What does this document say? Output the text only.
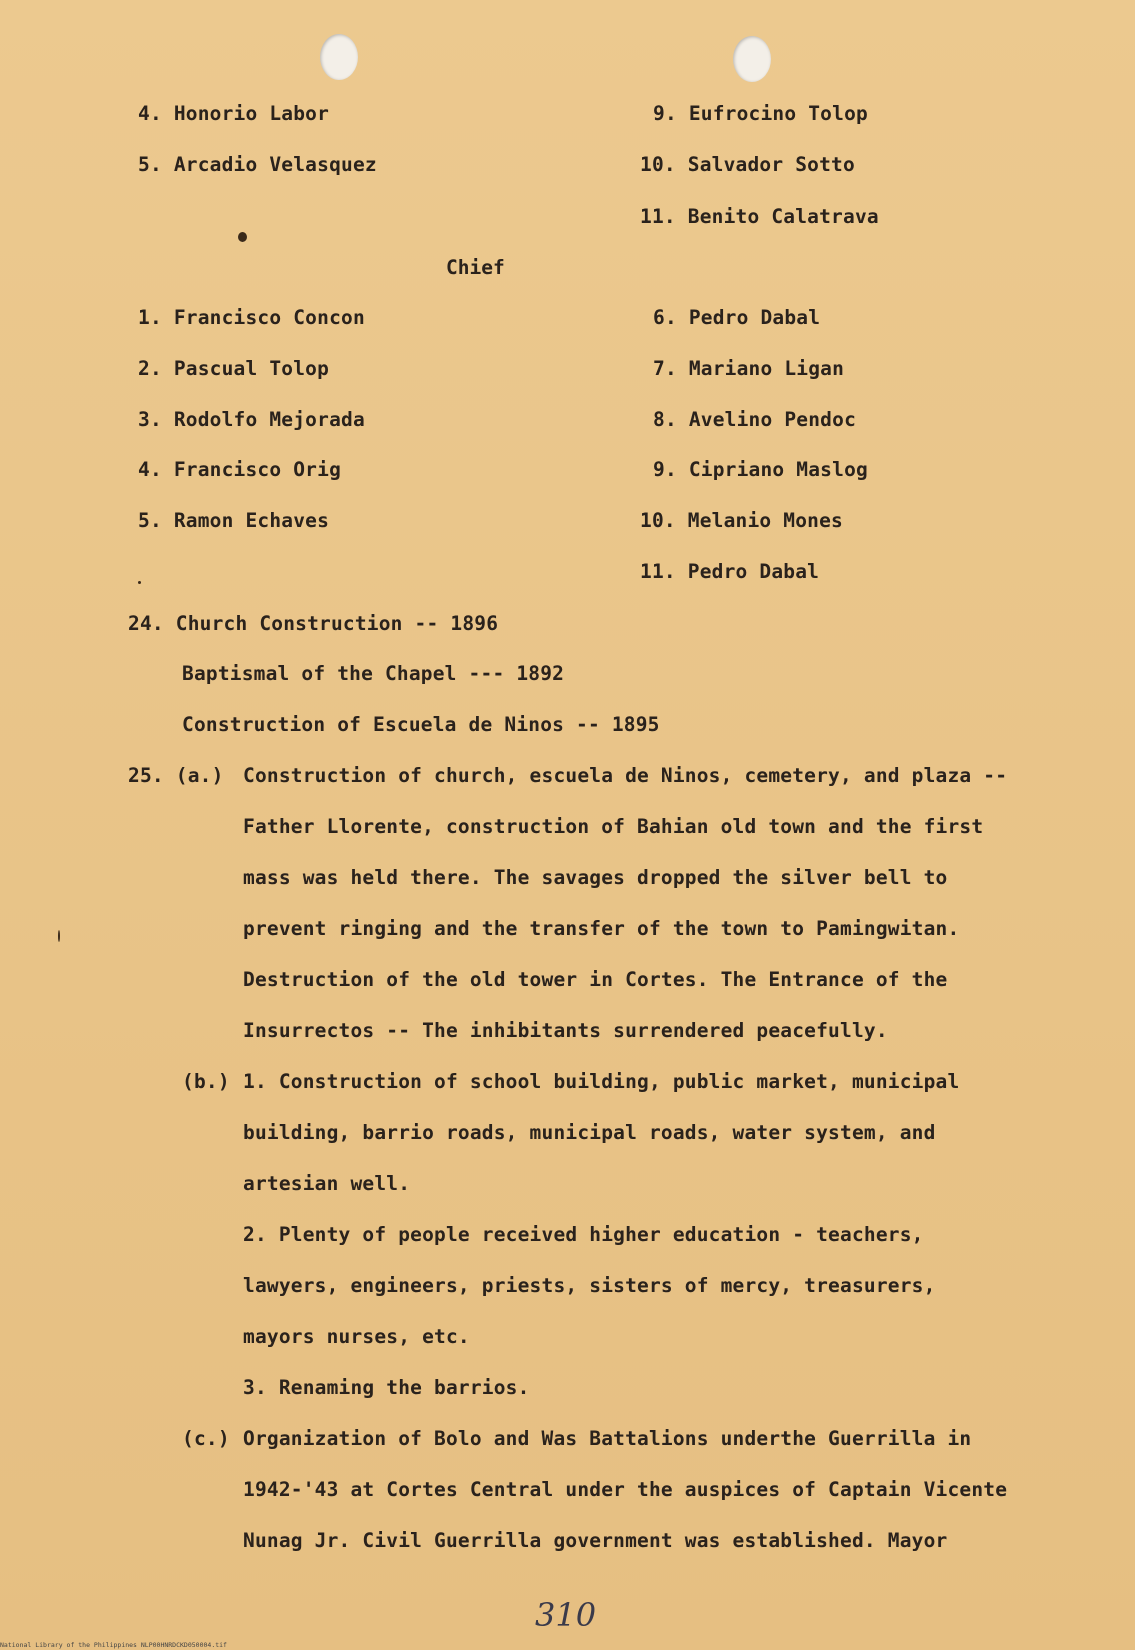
4. Honorio Labor
5. Arcadio Velasquez
9. Eufrocino Tolop
10. Salvador Sotto
11. Benito Calatrava
Chief
1. Francisco Concon
2. Pascual Tolop
3. Rodolfo Mejorada
4. Francisco Orig
5. Ramon Echaves
6. Pedro Dabal
7. Mariano Ligan
8. Avelino Pendoc
9. Cipriano Maslog
10. Melanio Mones
11. Pedro Dabal
24. Church Construction -- 1896
Baptismal of the Chapel --- 1892
Construction of Escuela de Ninos -- 1895
25. (a.) Construction of church, escuela de Ninos, cemetery, and plaza --
Father Llorente, construction of Bahian old town and the first
mass was held there. The savages dropped the silver bell to
prevent ringing and the transfer of the town to Pamingwitan.
Destruction of the old tower in Cortes. The Entrance of the
Insurrectos -- The inhibitants surrendered peacefully.
(b.) 1. Construction of school building, public market, municipal
building, barrio roads, municipal roads, water system, and
artesian well.
2. Plenty of people received higher education - teachers,
lawyers, engineers, priests, sisters of mercy, treasurers,
mayors nurses, etc.
3. Renaming the barrios.
(c.) Organization of Bolo and Was Battalions underthe Guerrilla in
1942-'43 at Cortes Central under the auspices of Captain Vicente
Nunag Jr. Civil Guerrilla government was established. Mayor
310
National Library of the Philippines NLP00HNRDCKD050004.tif
